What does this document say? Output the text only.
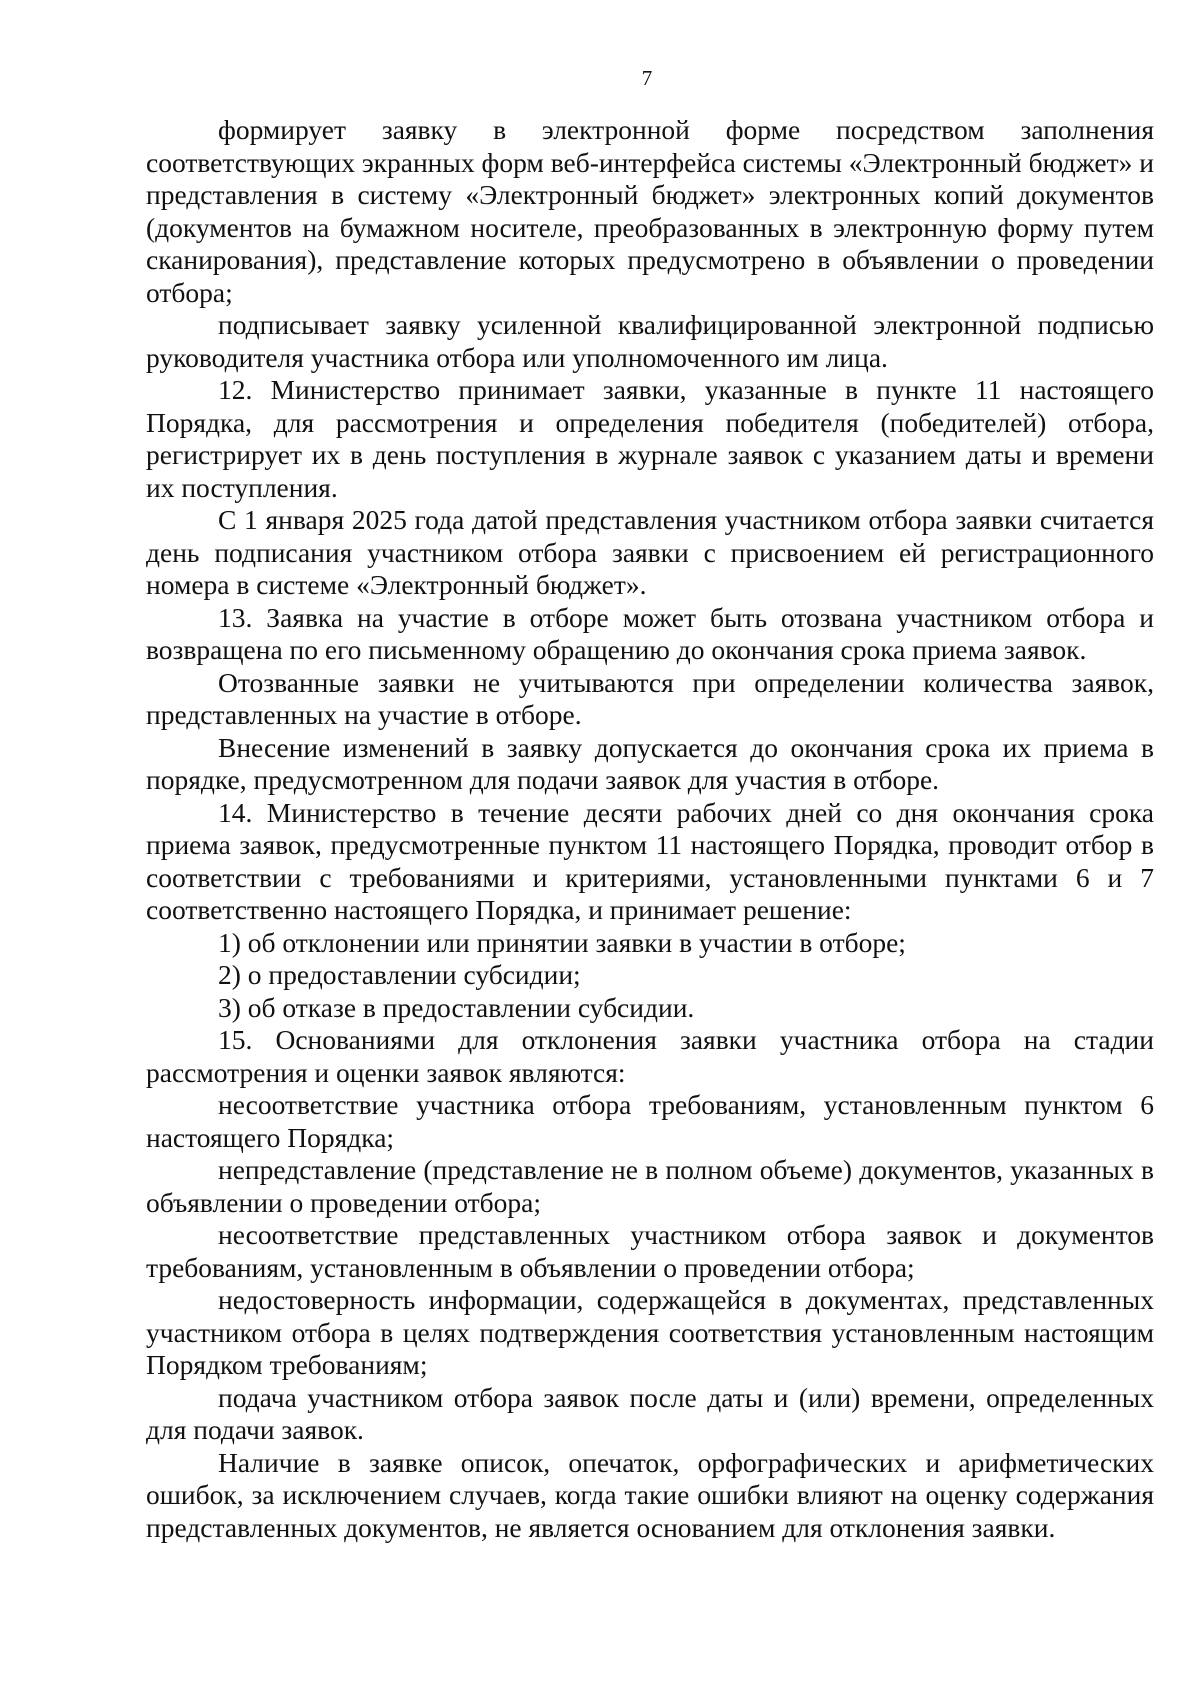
7

формирует заявку в электронной форме посредством заполнения соответствующих экранных форм веб-интерфейса системы «Электронный бюджет» и представления в систему «Электронный бюджет» электронных копий документов (документов на бумажном носителе, преобразованных в электронную форму путем сканирования), представление которых предусмотрено в объявлении о проведении отбора;

подписывает заявку усиленной квалифицированной электронной подписью руководителя участника отбора или уполномоченного им лица.

12. Министерство принимает заявки, указанные в пункте 11 настоящего Порядка, для рассмотрения и определения победителя (победителей) отбора, регистрирует их в день поступления в журнале заявок с указанием даты и времени их поступления.

С 1 января 2025 года датой представления участником отбора заявки считается день подписания участником отбора заявки с присвоением ей регистрационного номера в системе «Электронный бюджет».

13. Заявка на участие в отборе может быть отозвана участником отбора и возвращена по его письменному обращению до окончания срока приема заявок.

Отозванные заявки не учитываются при определении количества заявок, представленных на участие в отборе.

Внесение изменений в заявку допускается до окончания срока их приема в порядке, предусмотренном для подачи заявок для участия в отборе.

14. Министерство в течение десяти рабочих дней со дня окончания срока приема заявок, предусмотренные пунктом 11 настоящего Порядка, проводит отбор в соответствии с требованиями и критериями, установленными пунктами 6 и 7 соответственно настоящего Порядка, и принимает решение:

1) об отклонении или принятии заявки в участии в отборе;

2) о предоставлении субсидии;

3) об отказе в предоставлении субсидии.

15. Основаниями для отклонения заявки участника отбора на стадии рассмотрения и оценки заявок являются:

несоответствие участника отбора требованиям, установленным пунктом 6 настоящего Порядка;

непредставление (представление не в полном объеме) документов, указанных в объявлении о проведении отбора;

несоответствие представленных участником отбора заявок и документов требованиям, установленным в объявлении о проведении отбора;

недостоверность информации, содержащейся в документах, представленных участником отбора в целях подтверждения соответствия установленным настоящим Порядком требованиям;

подача участником отбора заявок после даты и (или) времени, определенных для подачи заявок.

Наличие в заявке описок, опечаток, орфографических и арифметических ошибок, за исключением случаев, когда такие ошибки влияют на оценку содержания представленных документов, не является основанием для отклонения заявки.
